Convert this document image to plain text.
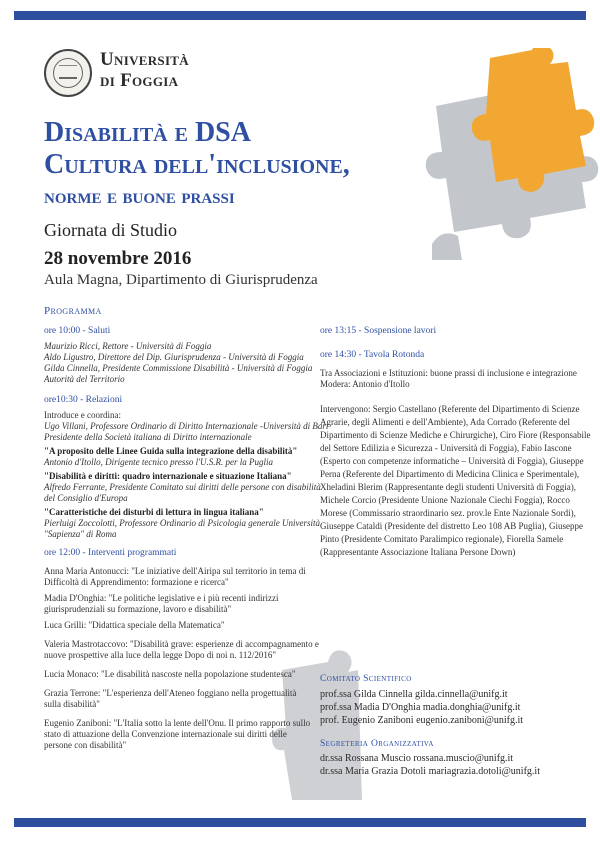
Università
di Foggia
Disabilità e DSA
Cultura dell'inclusione,
norme e buone prassi
Giornata di Studio
28 novembre 2016
Aula Magna, Dipartimento di Giurisprudenza
Programma
ore 10:00 - Saluti
Maurizio Ricci, Rettore - Università di Foggia
Aldo Ligustro, Direttore del Dip. Giurisprudenza - Università di Foggia
Gilda Cinnella, Presidente Commissione Disabilità - Università di Foggia
Autorità del Territorio
ore10:30 - Relazioni
Introduce e coordina:
Ugo Villani, Professore Ordinario di Diritto Internazionale -Università di Bari
Presidente della Società italiana di Diritto internazionale
"A proposito delle Linee Guida sulla integrazione della disabilità"
Antonio d'Itollo, Dirigente tecnico presso l'U.S.R. per la Puglia
"Disabilità e diritti: quadro internazionale e situazione Italiana"
Alfredo Ferrante, Presidente Comitato sui diritti delle persone con disabilità
del Consiglio d'Europa
"Caratteristiche dei disturbi di lettura in lingua italiana"
Pierluigi Zoccolotti, Professore Ordinario di Psicologia generale Università
"Sapienza" di Roma
ore 12:00 - Interventi programmati
Anna Maria Antonucci: "Le iniziative dell'Airipa sul territorio in tema di
Difficoltà di Apprendimento: formazione e ricerca"
Madia D'Onghia: "Le politiche legislative e i più recenti indirizzi
giurisprudenziali su formazione, lavoro e disabilità"
Luca Grilli: "Didattica speciale della Matematica"
Valeria Mastrotaccovo: "Disabilità grave: esperienze di accompagnamento e
nuove prospettive alla luce della legge Dopo di noi n. 112/2016"
Lucia Monaco: "Le disabilità nascoste nella popolazione studentesca"
Grazia Terrone: "L'esperienza dell'Ateneo foggiano nella progettualità
sulla disabilità"
Eugenio Zaniboni: "L'Italia sotto la lente dell'Onu. Il primo rapporto sullo
stato di attuazione della Convenzione internazionale sui diritti delle
persone con disabilità"
ore 13:15 - Sospensione lavori
ore 14:30 - Tavola Rotonda
Tra Associazioni e Istituzioni: buone prassi di inclusione e integrazione
Modera: Antonio d'Itollo
Intervengono: Sergio Castellano (Referente del Dipartimento di Scienze
Agrarie, degli Alimenti e dell'Ambiente), Ada Corrado (Referente del
Dipartimento di Scienze Mediche e Chirurgiche), Ciro Fiore (Responsabile
del Settore Edilizia e Sicurezza - Università di Foggia), Fabio Iascone
(Esperto con competenze informatiche – Università di Foggia), Giuseppe
Perna (Referente del Dipartimento di Medicina Clinica e Sperimentale),
Xheladini Blerim (Rappresentante degli studenti Università di Foggia),
Michele Corcio (Presidente Unione Nazionale Ciechi Foggia), Rocco
Morese (Commissario straordinario sez. prov.le Ente Nazionale Sordi),
Giuseppe Cataldi (Presidente del distretto Leo 108 AB Puglia), Giuseppe
Pinto (Presidente Comitato Paralimpico regionale), Fiorella Samele
(Rappresentante Associazione Italiana Persone Down)
Comitato Scientifico
prof.ssa Gilda Cinnella gilda.cinnella@unifg.it
prof.ssa Madia D'Onghia madia.donghia@unifg.it
prof. Eugenio Zaniboni eugenio.zaniboni@unifg.it
Segreteria Organizzativa
dr.ssa Rossana Muscio rossana.muscio@unifg.it
dr.ssa Maria Grazia Dotoli mariagrazia.dotoli@unifg.it
